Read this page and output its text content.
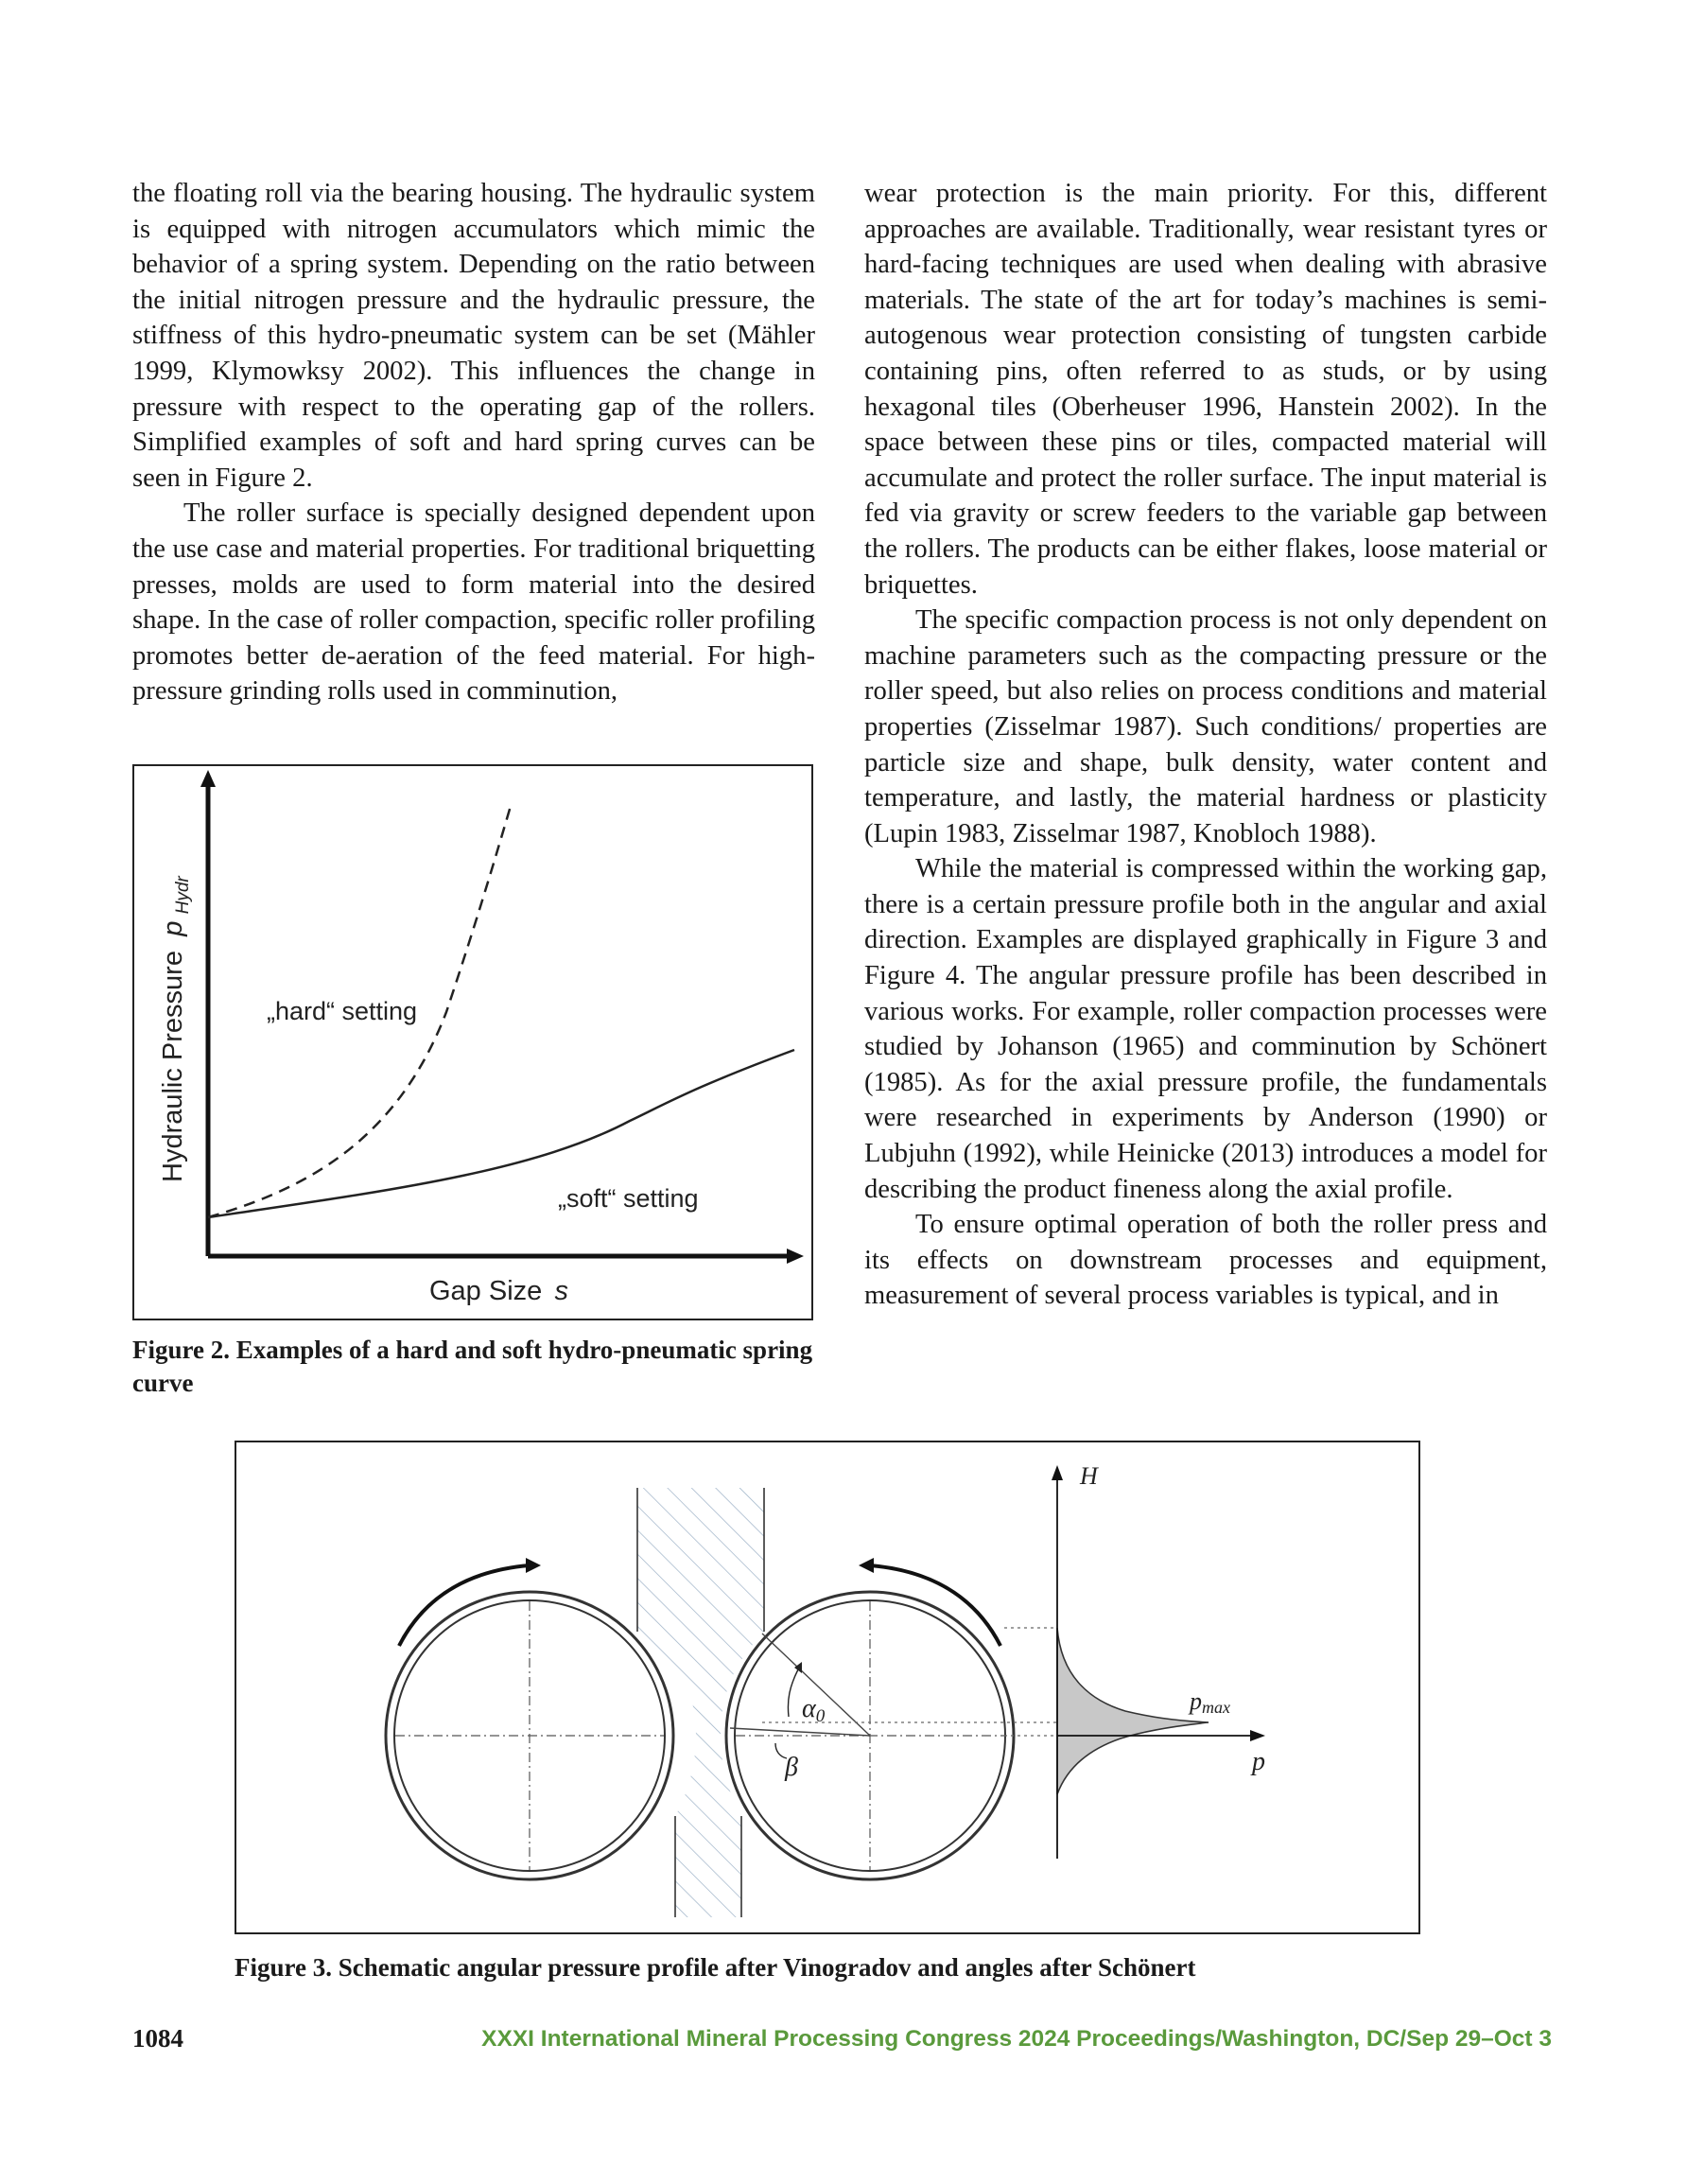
the floating roll via the bearing housing. The hydraulic system is equipped with nitrogen accumulators which mimic the behavior of a spring system. Depending on the ratio between the initial nitrogen pressure and the hydraulic pressure, the stiffness of this hydro-pneumatic system can be set (Mähler 1999, Klymowksy 2002). This influences the change in pressure with respect to the operating gap of the rollers. Simplified examples of soft and hard spring curves can be seen in Figure 2.

The roller surface is specially designed dependent upon the use case and material properties. For traditional briquetting presses, molds are used to form material into the desired shape. In the case of roller compaction, specific roller profiling promotes better de-aeration of the feed material. For high-pressure grinding rolls used in comminution,

wear protection is the main priority. For this, different approaches are available. Traditionally, wear resistant tyres or hard-facing techniques are used when dealing with abrasive materials. The state of the art for today’s machines is semi-autogenous wear protection consisting of tungsten carbide containing pins, often referred to as studs, or by using hexagonal tiles (Oberheuser 1996, Hanstein 2002). In the space between these pins or tiles, compacted material will accumulate and protect the roller surface. The input material is fed via gravity or screw feeders to the variable gap between the rollers. The products can be either flakes, loose material or briquettes.

The specific compaction process is not only dependent on machine parameters such as the compacting pressure or the roller speed, but also relies on process conditions and material properties (Zisselmar 1987). Such conditions/ properties are particle size and shape, bulk density, water content and temperature, and lastly, the material hardness or plasticity (Lupin 1983, Zisselmar 1987, Knobloch 1988).

While the material is compressed within the working gap, there is a certain pressure profile both in the angular and axial direction. Examples are displayed graphically in Figure 3 and Figure 4. The angular pressure profile has been described in various works. For example, roller compaction processes were studied by Johanson (1965) and comminution by Schönert (1985). As for the axial pressure profile, the fundamentals were researched in experiments by Anderson (1990) or Lubjuhn (1992), while Heinicke (2013) introduces a model for describing the product fineness along the axial profile.

To ensure optimal operation of both the roller press and its effects on downstream processes and equipment, measurement of several process variables is typical, and in

„hard“ setting
„soft“ setting
Hydraulic Pressure p $_{Hydr}$
Gap Size s
Figure 2. Examples of a hard and soft hydro-pneumatic spring curve
H
pmax
p
α0
β
Figure 3. Schematic angular pressure profile after Vinogradov and angles after Schönert
1084	XXXI International Mineral Processing Congress 2024 Proceedings/Washington, DC/Sep 29–Oct 3
